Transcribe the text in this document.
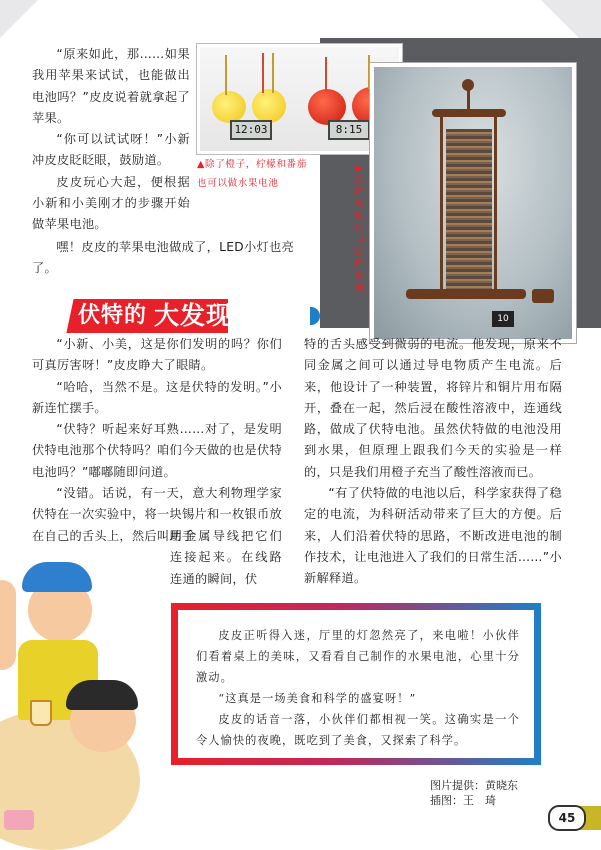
“原来如此，那……如果我用苹果来试试，也能做出电池吗？”皮皮说着就拿起了苹果。

“你可以试试呀！”小新冲皮皮眨眨眼，鼓励道。

皮皮玩心大起，便根据小新和小美刚才的步骤开始做苹果电池。

嘿！皮皮的苹果电池做成了，LED小灯也亮了。

12:03	8:15
▲除了橙子，柠檬和番茄也可以做水果电池
10
▶伏特电池，也叫伏特电堆
伏特的 大发现

“小新、小美，这是你们发明的吗？你们可真厉害呀！”皮皮睁大了眼睛。

“哈哈，当然不是。这是伏特的发明。”小新连忙摆手。

“伏特？听起来好耳熟……对了，是发明伏特电池那个伏特吗？咱们今天做的也是伏特电池吗？”嘟嘟随即问道。

“没错。话说，有一天，意大利物理学家伏特在一次实验中，将一块锡片和一枚银币放在自己的舌头上，然后叫助手

用金属导线把它们连接起来。在线路连通的瞬间，伏

特的舌头感受到微弱的电流。他发现，原来不同金属之间可以通过导电物质产生电流。后来，他设计了一种装置，将锌片和铜片用布隔开，叠在一起，然后浸在酸性溶液中，连通线路，做成了伏特电池。虽然伏特做的电池没用到水果，但原理上跟我们今天的实验是一样的，只是我们用橙子充当了酸性溶液而已。

“有了伏特做的电池以后，科学家获得了稳定的电流，为科研活动带来了巨大的方便。后来，人们沿着伏特的思路，不断改进电池的制作技术，让电池进入了我们的日常生活……”小新解释道。

皮皮正听得入迷，厅里的灯忽然亮了，来电啦！小伙伴们看着桌上的美味，又看看自己制作的水果电池，心里十分激动。

“这真是一场美食和科学的盛宴呀！”

皮皮的话音一落，小伙伴们都相视一笑。这确实是一个令人愉快的夜晚，既吃到了美食，又探索了科学。

图片提供：黄晓东
插图：王　琦
45
